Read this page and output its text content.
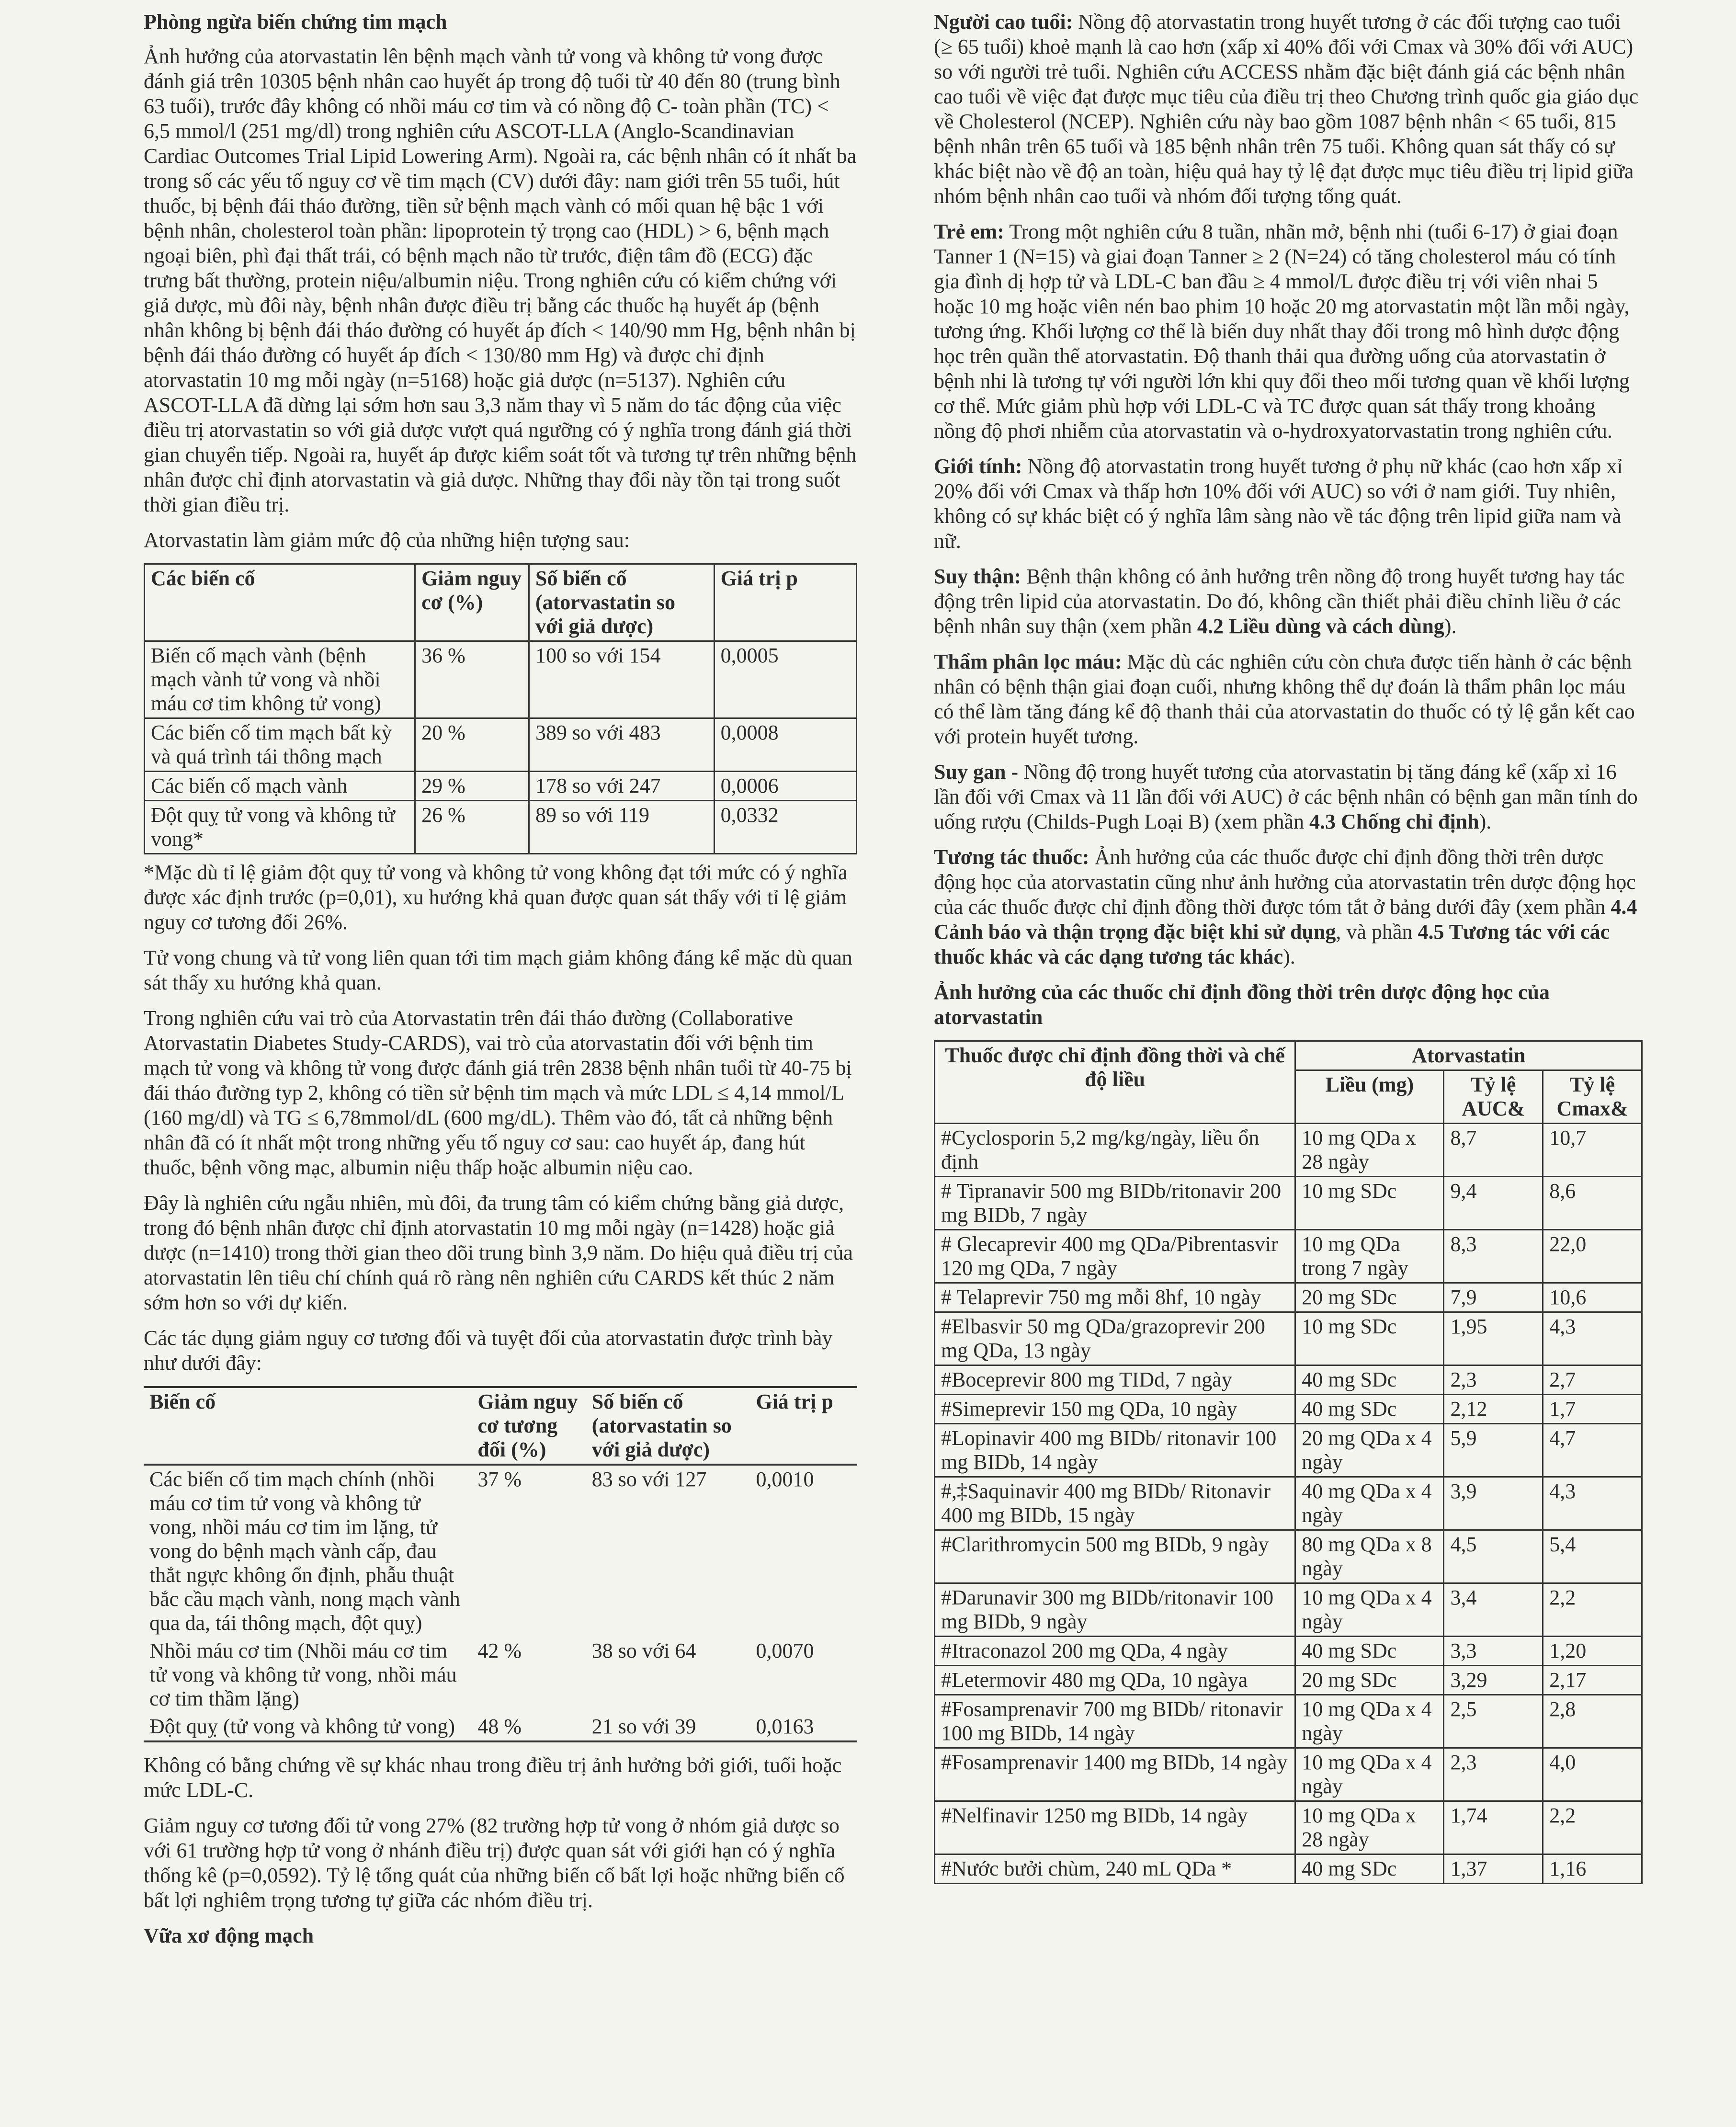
Phòng ngừa biến chứng tim mạch

Ảnh hưởng của atorvastatin lên bệnh mạch vành tử vong và không tử vong được đánh giá trên 10305 bệnh nhân cao huyết áp trong độ tuổi từ 40 đến 80 (trung bình 63 tuổi), trước đây không có nhồi máu cơ tim và có nồng độ C- toàn phần (TC) < 6,5 mmol/l (251 mg/dl) trong nghiên cứu ASCOT-LLA (Anglo-Scandinavian Cardiac Outcomes Trial Lipid Lowering Arm). Ngoài ra, các bệnh nhân có ít nhất ba trong số các yếu tố nguy cơ về tim mạch (CV) dưới đây: nam giới trên 55 tuổi, hút thuốc, bị bệnh đái tháo đường, tiền sử bệnh mạch vành có mối quan hệ bậc 1 với bệnh nhân, cholesterol toàn phần: lipoprotein tỷ trọng cao (HDL) > 6, bệnh mạch ngoại biên, phì đại thất trái, có bệnh mạch não từ trước, điện tâm đồ (ECG) đặc trưng bất thường, protein niệu/albumin niệu. Trong nghiên cứu có kiểm chứng với giả dược, mù đôi này, bệnh nhân được điều trị bằng các thuốc hạ huyết áp (bệnh nhân không bị bệnh đái tháo đường có huyết áp đích < 140/90 mm Hg, bệnh nhân bị bệnh đái tháo đường có huyết áp đích < 130/80 mm Hg) và được chỉ định atorvastatin 10 mg mỗi ngày (n=5168) hoặc giả dược (n=5137). Nghiên cứu ASCOT-LLA đã dừng lại sớm hơn sau 3,3 năm thay vì 5 năm do tác động của việc điều trị atorvastatin so với giả dược vượt quá ngưỡng có ý nghĩa trong đánh giá thời gian chuyển tiếp. Ngoài ra, huyết áp được kiểm soát tốt và tương tự trên những bệnh nhân được chỉ định atorvastatin và giả dược. Những thay đổi này tồn tại trong suốt thời gian điều trị.

Atorvastatin làm giảm mức độ của những hiện tượng sau:

Các biến cố	Giảm nguy cơ (%)	Số biến cố (atorvastatin so với giả dược)	Giá trị p
Biến cố mạch vành (bệnh mạch vành tử vong và nhồi máu cơ tim không tử vong)	36 %	100 so với 154	0,0005
Các biến cố tim mạch bất kỳ và quá trình tái thông mạch	20 %	389 so với 483	0,0008
Các biến cố mạch vành	29 %	178 so với 247	0,0006
Đột quỵ tử vong và không tử vong*	26 %	89 so với 119	0,0332

*Mặc dù tỉ lệ giảm đột quỵ tử vong và không tử vong không đạt tới mức có ý nghĩa được xác định trước (p=0,01), xu hướng khả quan được quan sát thấy với tỉ lệ giảm nguy cơ tương đối 26%.

Tử vong chung và tử vong liên quan tới tim mạch giảm không đáng kể mặc dù quan sát thấy xu hướng khả quan.

Trong nghiên cứu vai trò của Atorvastatin trên đái tháo đường (Collaborative Atorvastatin Diabetes Study-CARDS), vai trò của atorvastatin đối với bệnh tim mạch tử vong và không tử vong được đánh giá trên 2838 bệnh nhân tuổi từ 40-75 bị đái tháo đường typ 2, không có tiền sử bệnh tim mạch và mức LDL ≤ 4,14 mmol/L (160 mg/dl) và TG ≤ 6,78mmol/dL (600 mg/dL). Thêm vào đó, tất cả những bệnh nhân đã có ít nhất một trong những yếu tố nguy cơ sau: cao huyết áp, đang hút thuốc, bệnh võng mạc, albumin niệu thấp hoặc albumin niệu cao.

Đây là nghiên cứu ngẫu nhiên, mù đôi, đa trung tâm có kiểm chứng bằng giả dược, trong đó bệnh nhân được chỉ định atorvastatin 10 mg mỗi ngày (n=1428) hoặc giả dược (n=1410) trong thời gian theo dõi trung bình 3,9 năm. Do hiệu quả điều trị của atorvastatin lên tiêu chí chính quá rõ ràng nên nghiên cứu CARDS kết thúc 2 năm sớm hơn so với dự kiến.

Các tác dụng giảm nguy cơ tương đối và tuyệt đối của atorvastatin được trình bày như dưới đây:

Biến cố	Giảm nguy cơ tương đối (%)	Số biến cố (atorvastatin so với giả dược)	Giá trị p
Các biến cố tim mạch chính (nhồi máu cơ tim tử vong và không tử vong, nhồi máu cơ tim im lặng, tử vong do bệnh mạch vành cấp, đau thắt ngực không ổn định, phẫu thuật bắc cầu mạch vành, nong mạch vành qua da, tái thông mạch, đột quỵ)	37 %	83 so với 127	0,0010
Nhồi máu cơ tim (Nhồi máu cơ tim tử vong và không tử vong, nhồi máu cơ tim thầm lặng)	42 %	38 so với 64	0,0070
Đột quỵ (tử vong và không tử vong)	48 %	21 so với 39	0,0163

Không có bằng chứng về sự khác nhau trong điều trị ảnh hưởng bởi giới, tuổi hoặc mức LDL-C.

Giảm nguy cơ tương đối tử vong 27% (82 trường hợp tử vong ở nhóm giả dược so với 61 trường hợp tử vong ở nhánh điều trị) được quan sát với giới hạn có ý nghĩa thống kê (p=0,0592). Tỷ lệ tổng quát của những biến cố bất lợi hoặc những biến cố bất lợi nghiêm trọng tương tự giữa các nhóm điều trị.

Vữa xơ động mạch

Người cao tuổi: Nồng độ atorvastatin trong huyết tương ở các đối tượng cao tuổi (≥ 65 tuổi) khoẻ mạnh là cao hơn (xấp xỉ 40% đối với Cmax và 30% đối với AUC) so với người trẻ tuổi. Nghiên cứu ACCESS nhằm đặc biệt đánh giá các bệnh nhân cao tuổi về việc đạt được mục tiêu của điều trị theo Chương trình quốc gia giáo dục về Cholesterol (NCEP). Nghiên cứu này bao gồm 1087 bệnh nhân < 65 tuổi, 815 bệnh nhân trên 65 tuổi và 185 bệnh nhân trên 75 tuổi. Không quan sát thấy có sự khác biệt nào về độ an toàn, hiệu quả hay tỷ lệ đạt được mục tiêu điều trị lipid giữa nhóm bệnh nhân cao tuổi và nhóm đối tượng tổng quát.

Trẻ em: Trong một nghiên cứu 8 tuần, nhãn mở, bệnh nhi (tuổi 6-17) ở giai đoạn Tanner 1 (N=15) và giai đoạn Tanner ≥ 2 (N=24) có tăng cholesterol máu có tính gia đình dị hợp tử và LDL-C ban đầu ≥ 4 mmol/L được điều trị với viên nhai 5 hoặc 10 mg hoặc viên nén bao phim 10 hoặc 20 mg atorvastatin một lần mỗi ngày, tương ứng. Khối lượng cơ thể là biến duy nhất thay đổi trong mô hình dược động học trên quần thể atorvastatin. Độ thanh thải qua đường uống của atorvastatin ở bệnh nhi là tương tự với người lớn khi quy đổi theo mối tương quan về khối lượng cơ thể. Mức giảm phù hợp với LDL-C và TC được quan sát thấy trong khoảng nồng độ phơi nhiễm của atorvastatin và o-hydroxyatorvastatin trong nghiên cứu.

Giới tính: Nồng độ atorvastatin trong huyết tương ở phụ nữ khác (cao hơn xấp xỉ 20% đối với Cmax và thấp hơn 10% đối với AUC) so với ở nam giới. Tuy nhiên, không có sự khác biệt có ý nghĩa lâm sàng nào về tác động trên lipid giữa nam và nữ.

Suy thận: Bệnh thận không có ảnh hưởng trên nồng độ trong huyết tương hay tác động trên lipid của atorvastatin. Do đó, không cần thiết phải điều chỉnh liều ở các bệnh nhân suy thận (xem phần 4.2 Liều dùng và cách dùng).

Thẩm phân lọc máu: Mặc dù các nghiên cứu còn chưa được tiến hành ở các bệnh nhân có bệnh thận giai đoạn cuối, nhưng không thể dự đoán là thẩm phân lọc máu có thể làm tăng đáng kể độ thanh thải của atorvastatin do thuốc có tỷ lệ gắn kết cao với protein huyết tương.

Suy gan - Nồng độ trong huyết tương của atorvastatin bị tăng đáng kể (xấp xỉ 16 lần đối với Cmax và 11 lần đối với AUC) ở các bệnh nhân có bệnh gan mãn tính do uống rượu (Childs-Pugh Loại B) (xem phần 4.3 Chống chỉ định).

Tương tác thuốc: Ảnh hưởng của các thuốc được chỉ định đồng thời trên dược động học của atorvastatin cũng như ảnh hưởng của atorvastatin trên dược động học của các thuốc được chỉ định đồng thời được tóm tắt ở bảng dưới đây (xem phần 4.4 Cảnh báo và thận trọng đặc biệt khi sử dụng, và phần 4.5 Tương tác với các thuốc khác và các dạng tương tác khác).

Ảnh hưởng của các thuốc chỉ định đồng thời trên dược động học của atorvastatin

Thuốc được chỉ định đồng thời và chế độ liều	Atorvastatin		
	Liều (mg)	Tỷ lệ AUC&	Tỷ lệ Cmax&
#Cyclosporin 5,2 mg/kg/ngày, liều ổn định	10 mg QDa x 28 ngày	8,7	10,7
# Tipranavir 500 mg BIDb/ritonavir 200 mg BIDb, 7 ngày	10 mg SDc	9,4	8,6
# Glecaprevir 400 mg QDa/Pibrentasvir 120 mg QDa, 7 ngày	10 mg QDa trong 7 ngày	8,3	22,0
# Telaprevir 750 mg mỗi 8hf, 10 ngày	20 mg SDc	7,9	10,6
#Elbasvir 50 mg QDa/grazoprevir 200 mg QDa, 13 ngày	10 mg SDc	1,95	4,3
#Boceprevir 800 mg TIDd, 7 ngày	40 mg SDc	2,3	2,7
#Simeprevir 150 mg QDa, 10 ngày	40 mg SDc	2,12	1,7
#Lopinavir 400 mg BIDb/ ritonavir 100 mg BIDb, 14 ngày	20 mg QDa x 4 ngày	5,9	4,7
#,‡Saquinavir 400 mg BIDb/ Ritonavir 400 mg BIDb, 15 ngày	40 mg QDa x 4 ngày	3,9	4,3
#Clarithromycin 500 mg BIDb, 9 ngày	80 mg QDa x 8 ngày	4,5	5,4
#Darunavir 300 mg BIDb/ritonavir 100 mg BIDb, 9 ngày	10 mg QDa x 4 ngày	3,4	2,2
#Itraconazol 200 mg QDa, 4 ngày	40 mg SDc	3,3	1,20
#Letermovir 480 mg QDa, 10 ngàya	20 mg SDc	3,29	2,17
#Fosamprenavir 700 mg BIDb/ ritonavir 100 mg BIDb, 14 ngày	10 mg QDa x 4 ngày	2,5	2,8
#Fosamprenavir 1400 mg BIDb, 14 ngày	10 mg QDa x 4 ngày	2,3	4,0
#Nelfinavir 1250 mg BIDb, 14 ngày	10 mg QDa x 28 ngày	1,74	2,2
#Nước bưởi chùm, 240 mL QDa *	40 mg SDc	1,37	1,16
